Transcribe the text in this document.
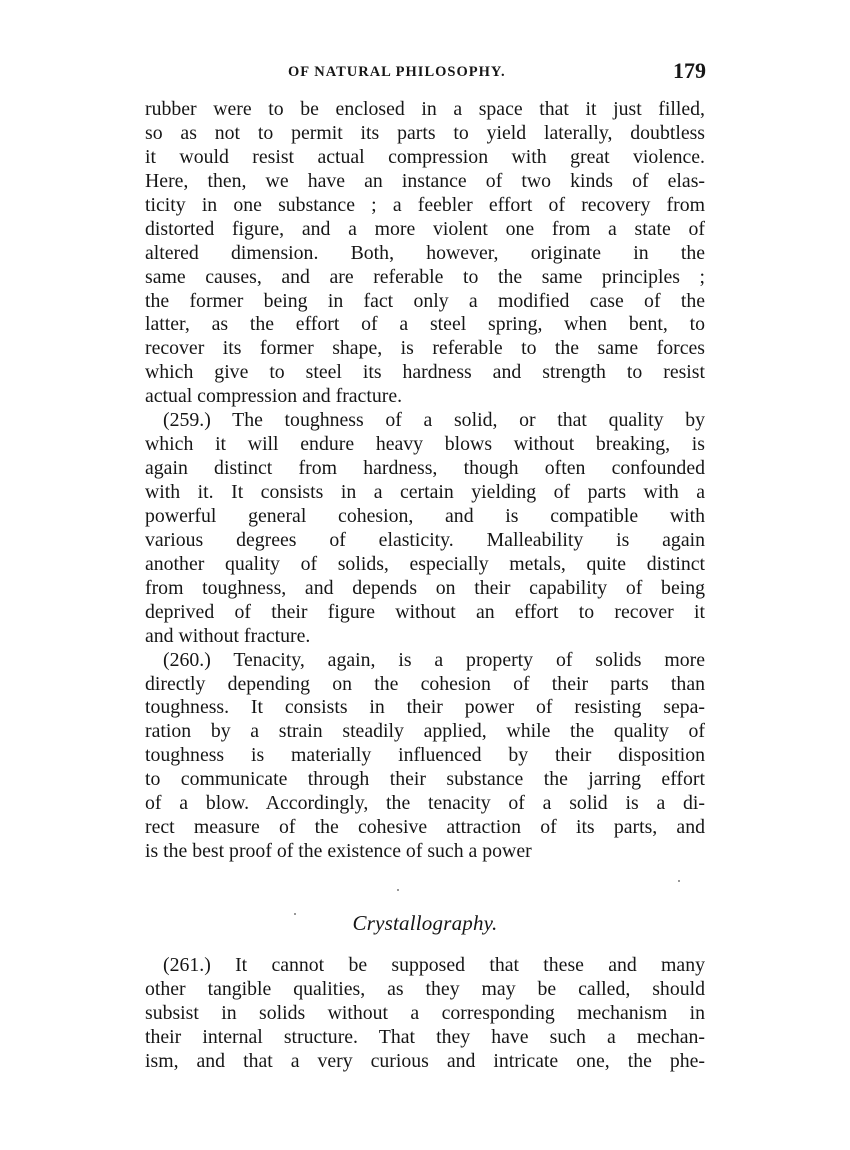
OF NATURAL PHILOSOPHY.	179
rubber were to be enclosed in a space that it just filled,
so as not to permit its parts to yield laterally, doubtless
it would resist actual compression with great violence.
Here, then, we have an instance of two kinds of elas-
ticity in one substance ; a feebler effort of recovery from
distorted figure, and a more violent one from a state of
altered dimension. Both, however, originate in the
same causes, and are referable to the same principles ;
the former being in fact only a modified case of the
latter, as the effort of a steel spring, when bent, to
recover its former shape, is referable to the same forces
which give to steel its hardness and strength to resist
actual compression and fracture.
(259.) The toughness of a solid, or that quality by
which it will endure heavy blows without breaking, is
again distinct from hardness, though often confounded
with it. It consists in a certain yielding of parts with a
powerful general cohesion, and is compatible with
various degrees of elasticity. Malleability is again
another quality of solids, especially metals, quite distinct
from toughness, and depends on their capability of being
deprived of their figure without an effort to recover it
and without fracture.
(260.) Tenacity, again, is a property of solids more
directly depending on the cohesion of their parts than
toughness. It consists in their power of resisting sepa-
ration by a strain steadily applied, while the quality of
toughness is materially influenced by their disposition
to communicate through their substance the jarring effort
of a blow. Accordingly, the tenacity of a solid is a di-
rect measure of the cohesive attraction of its parts, and
is the best proof of the existence of such a power
Crystallography.
(261.) It cannot be supposed that these and many
other tangible qualities, as they may be called, should
subsist in solids without a corresponding mechanism in
their internal structure. That they have such a mechan-
ism, and that a very curious and intricate one, the phe-
